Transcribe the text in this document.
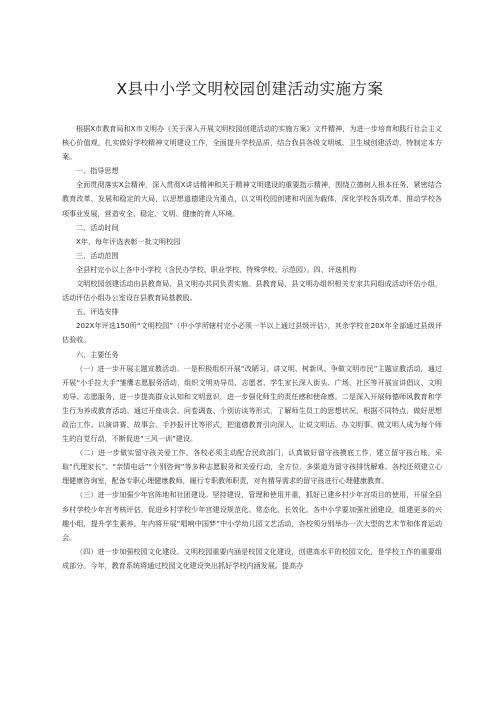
X县中小学文明校园创建活动实施方案

根据X市教育局和X市文明办《关于深入开展文明校园创建活动的实施方案》文件精神，为进一步培育和践行社会主义核心价值观，扎实做好学校精神文明建设工作，全面提升学校品质，结合我县各级文明城、卫生城创建活动，特制定本方案。

一、指导思想

全面贯彻落实X会精神，深入贯彻X讲话精神和关于精神文明建设的重要指示精神，围绕立德树人根本任务，紧密结合教育改革、发展和稳定的大局，以思想道德建设为重点，以文明校园创建和巩固为载体，深化学校各项改革，推动学校各项事业发展，营造安全、稳定、文明、健康的育人环境。

二、活动时间

X年，每年评选表彰一批文明校园

三、活动范围

全县村完小以上各中小学校（含民办学校、职业学校、特殊学校、示范园）。四、评选机构

文明校园创建活动由县教育局、县文明办共同负责实施。县教育局、县文明办组织相关专家共同组成活动评估小组，活动评估小组办公室设在县教育局基教股。

五、评选安排

202X年评选150所“文明校园”（中小学所辖村完小必须一半以上通过县级评估），其余学校在20X年全部通过县级评估验收。

六、主要任务

（一）进一步开展主题宣教活动。一是积极组织开展“改陋习、讲文明、树新风、争做文明市民”主题宣教活动，通过开展“小手拉大手”雏鹰志愿服务活动，组织文明劝导员、志愿者、学生家长深入街头、广场、社区等开展宣讲倡议、文明劝导、志愿服务，进一步提高群众认知和文明意识，进一步强化师生的责任感和使命感。二是深入开展师德师风教育和学生行为养成教育活动。通过开座谈会、问卷调查、个别访谈等形式，了解师生员工的思想状况，根据不同特点，做好思想政治工作。以演讲赛、故事会、手抄报评比等形式，把道德教育引向深入，让说文明话、办文明事、做文明人成为每个师生的自觉行动，不断促进“三风一训”建设。

（二）进一步做实留守孩关爱工作。各校必须主动配合民政部门，认真做好留守孩摸底工作，建立留守孩台账。采取“代理家长”、“亲情电话”“个别咨询”等多种志愿服务和关爱行动，全方位、多渠道为留守孩排忧解难。各校还须建立心理健康咨询室，配备专职心理健康教师，履行专职教师职责，对有精导需求的留守孩进行心理健康教育。

（三）进一步加强少年宫阵地和社团建设。坚持建设、管理和使用并重，抓好已建乡村少年宫项目的使用，开展全县乡村学校少年宫考核评估，促进乡村学校少年宫建设规范化、常态化、长效化。各中小学要加强社团建设，组建更多的兴趣小组，提升学生素养。年内将开展“唱响中国梦”中小学幼儿园文艺活动，各校须分别举办一次大型的艺术节和体育运动会。

（四）进一步加强校园文化建设。文明校园重要内涵是校园文化建设，创建高水平的校园文化，是学校工作的重要组成部分。今年，教育系统将通过校园文化建设突出抓好学校内涵发展。提高办
